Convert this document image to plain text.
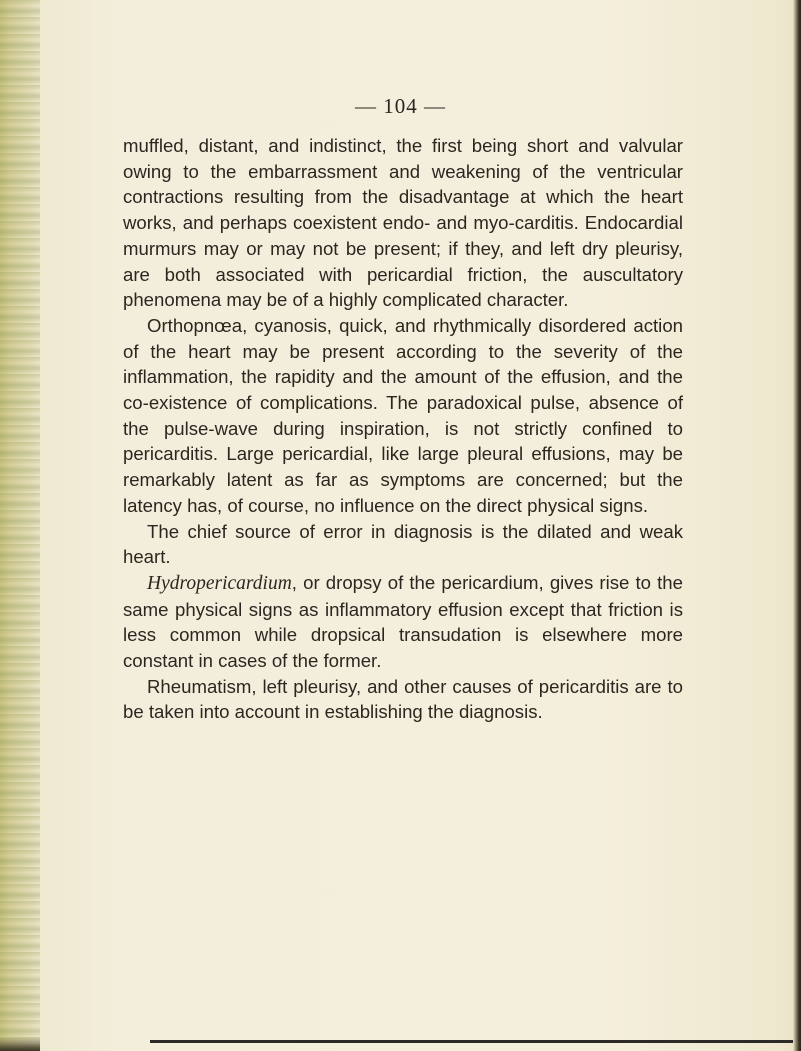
— 104 —

muffled, distant, and indistinct, the first being short and valvular owing to the embarrassment and weakening of the ventricular contractions resulting from the disadvantage at which the heart works, and perhaps coexistent endo- and myo-carditis. Endocardial murmurs may or may not be present; if they, and left dry pleurisy, are both associated with pericardial friction, the auscultatory phenomena may be of a highly complicated character.

Orthopnœa, cyanosis, quick, and rhythmically disordered action of the heart may be present according to the severity of the inflammation, the rapidity and the amount of the effusion, and the co-existence of complications. The paradoxical pulse, absence of the pulse-wave during inspiration, is not strictly confined to pericarditis. Large pericardial, like large pleural effusions, may be remarkably latent as far as symptoms are concerned; but the latency has, of course, no influence on the direct physical signs.

The chief source of error in diagnosis is the dilated and weak heart.

Hydropericardium, or dropsy of the pericardium, gives rise to the same physical signs as inflammatory effusion except that friction is less common while dropsical transudation is elsewhere more constant in cases of the former.

Rheumatism, left pleurisy, and other causes of pericarditis are to be taken into account in establishing the diagnosis.
